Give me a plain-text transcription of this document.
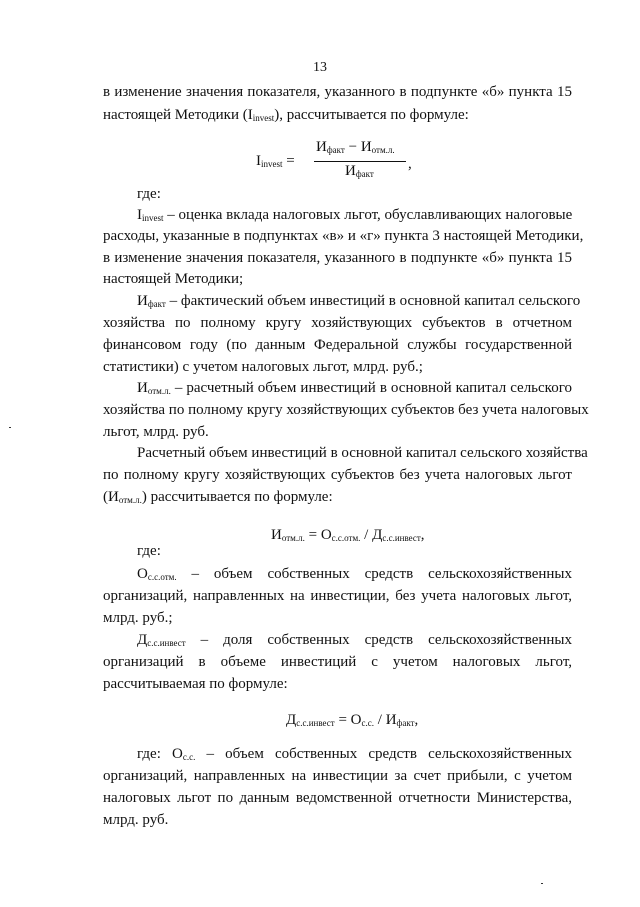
13
в изменение значения показателя, указанного в подпункте «б» пункта 15
настоящей Методики $(I_{invest})$, рассчитывается по формуле:
$I_{invest}$ =
$И_{факт} - И_{отм.л.}$
,
$И_{факт}$
где:
$I_{invest}$ – оценка вклада налоговых льгот, обуславливающих налоговые
расходы, указанные в подпунктах «в» и «г» пункта 3 настоящей Методики,
в изменение значения показателя, указанного в подпункте «б» пункта 15
настоящей Методики;
$И_{факт}$ – фактический объем инвестиций в основной капитал сельского
хозяйства по полному кругу хозяйствующих субъектов в отчетном
финансовом году (по данным Федеральной службы государственной
статистики) с учетом налоговых льгот, млрд. руб.;
$И_{отм.л.}$ – расчетный объем инвестиций в основной капитал сельского
хозяйства по полному кругу хозяйствующих субъектов без учета налоговых
льгот, млрд. руб.
Расчетный объем инвестиций в основной капитал сельского хозяйства
по полному кругу хозяйствующих субъектов без учета налоговых льгот
$(И_{отм.л.})$ рассчитывается по формуле:
$И_{отм.л.} = О_{с.с.отм.} / Д_{с.с.инвест}$,
где:
$О_{с.с.отм.}$ – объем собственных средств сельскохозяйственных
организаций, направленных на инвестиции, без учета налоговых льгот,
млрд. руб.;
$Д_{с.с.инвест}$ – доля собственных средств сельскохозяйственных
организаций в объеме инвестиций с учетом налоговых льгот,
рассчитываемая по формуле:
$Д_{с.с.инвест} = О_{с.с.} / И_{факт}$,
где: $О_{с.с.}$ – объем собственных средств сельскохозяйственных
организаций, направленных на инвестиции за счет прибыли, с учетом
налоговых льгот по данным ведомственной отчетности Министерства,
млрд. руб.
